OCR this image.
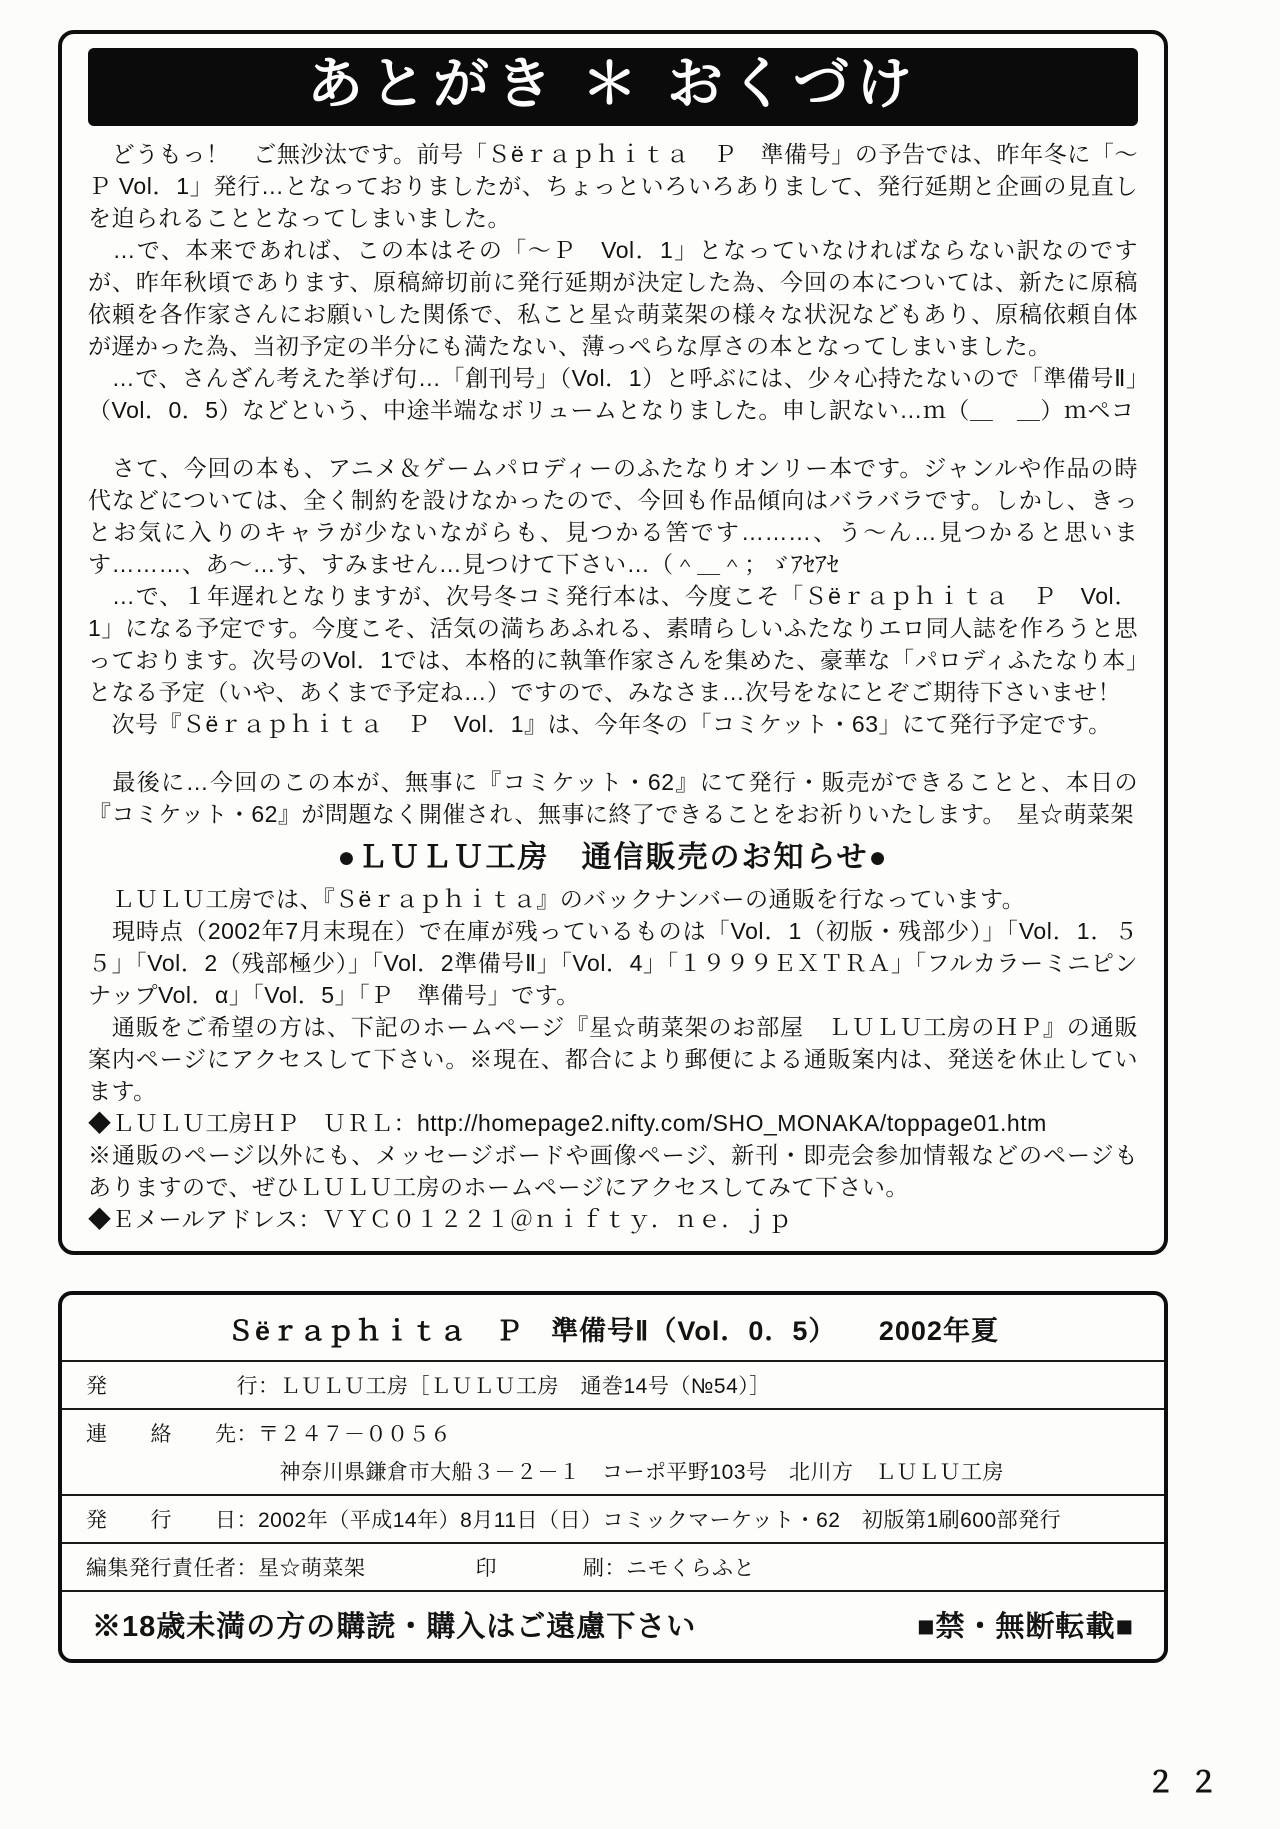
あとがき ＊ おくづけ

　どうもっ！　ご無沙汰です。前号「Ｓëｒａｐｈｉｔａ　Ｐ　準備号」の予告では、昨年冬に「～Ｐ Vol．1」発行…となっておりましたが、ちょっといろいろありまして、発行延期と企画の見直しを迫られることとなってしまいました。

　…で、本来であれば、この本はその「～Ｐ　Vol．1」となっていなければならない訳なのですが、昨年秋頃であります、原稿締切前に発行延期が決定した為、今回の本については、新たに原稿依頼を各作家さんにお願いした関係で、私こと星☆萌菜架の様々な状況などもあり、原稿依頼自体が遅かった為、当初予定の半分にも満たない、薄っぺらな厚さの本となってしまいました。

　…で、さんざん考えた挙げ句…「創刊号」（Vol．1）と呼ぶには、少々心持たないので「準備号Ⅱ」（Vol．0．5）などという、中途半端なボリュームとなりました。申し訳ない…ｍ（＿　＿）ｍペコ

　さて、今回の本も、アニメ＆ゲームパロディーのふたなりオンリー本です。ジャンルや作品の時代などについては、全く制約を設けなかったので、今回も作品傾向はバラバラです。しかし、きっとお気に入りのキャラが少ないながらも、見つかる筈です………、う～ん…見つかると思います………、あ～…す、すみません…見つけて下さい…（＾＿＾；ゞｱｾｱｾ

　…で、１年遅れとなりますが、次号冬コミ発行本は、今度こそ「Ｓëｒａｐｈｉｔａ　Ｐ　Vol．1」になる予定です。今度こそ、活気の満ちあふれる、素晴らしいふたなりエロ同人誌を作ろうと思っております。次号のVol．1では、本格的に執筆作家さんを集めた、豪華な「パロディふたなり本」となる予定（いや、あくまで予定ね…）ですので、みなさま…次号をなにとぞご期待下さいませ！

　次号『Ｓëｒａｐｈｉｔａ　Ｐ　Vol．1』は、今年冬の「コミケット・63」にて発行予定です。

　最後に…今回のこの本が、無事に『コミケット・62』にて発行・販売ができることと、本日の『コミケット・62』が問題なく開催され、無事に終了できることをお祈りいたします。 星☆萌菜架

●ＬＵＬＵ工房　通信販売のお知らせ●

　ＬＵＬＵ工房では、『Ｓëｒａｐｈｉｔａ』のバックナンバーの通販を行なっています。

　現時点（2002年7月末現在）で在庫が残っているものは「Vol．1（初版・残部少）」「Vol．1．５５」「Vol．2（残部極少）」「Vol．2準備号Ⅱ」「Vol．4」「１９９９ＥＸＴＲＡ」「フルカラーミニピンナップVol．α」「Vol．5」「Ｐ　準備号」です。

　通販をご希望の方は、下記のホームページ『星☆萌菜架のお部屋　ＬＵＬＵ工房のＨＰ』の通販案内ページにアクセスして下さい。※現在、都合により郵便による通販案内は、発送を休止しています。

◆ＬＵＬＵ工房ＨＰ　ＵＲＬ：http://homepage2.nifty.com/SHO_MONAKA/toppage01.htm

※通販のページ以外にも、メッセージボードや画像ページ、新刊・即売会参加情報などのページもありますので、ぜひＬＵＬＵ工房のホームページにアクセスしてみて下さい。

◆Ｅメールアドレス：ＶＹＣ０１２２１＠ｎｉｆｔｙ．ｎｅ．ｊｐ

Ｓëｒａｐｈｉｔａ　Ｐ　準備号Ⅱ（Vol．0．5）　　2002年夏
発　　　　　　行：ＬＵＬＵ工房［ＬＵＬＵ工房　通巻14号（№54）］
連　　絡　　先：〒２４７－００５６
　　　　　　　　　神奈川県鎌倉市大船３－２－１　コーポ平野103号　北川方　ＬＵＬＵ工房
発　　行　　日：2002年（平成14年）8月11日（日）コミックマーケット・62　初版第1刷600部発行
編集発行責任者：星☆萌菜架	印　　　　刷：ニモくらふと
※18歳未満の方の購読・購入はご遠慮下さい	■禁・無断転載■
２２
